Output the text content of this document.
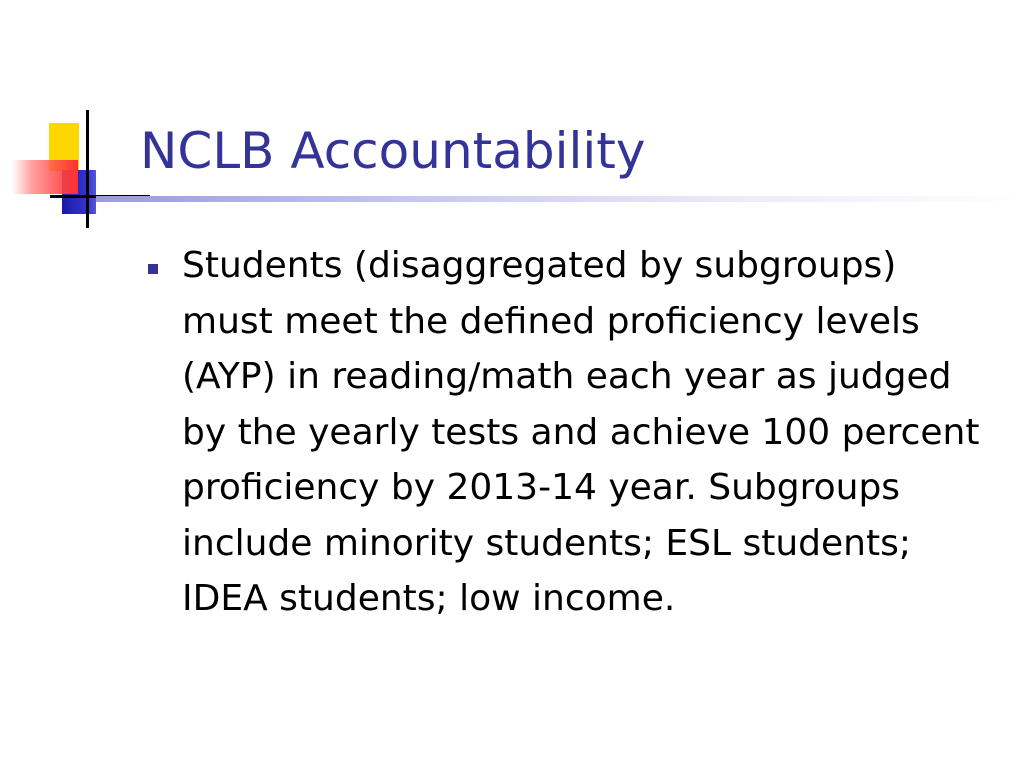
NCLB Accountability
Students (disaggregated by subgroups) must meet the defined proficiency levels (AYP) in reading/math each year as judged by the yearly tests and achieve 100 percent proficiency by 2013-14 year. Subgroups include minority students; ESL students; IDEA students; low income.
